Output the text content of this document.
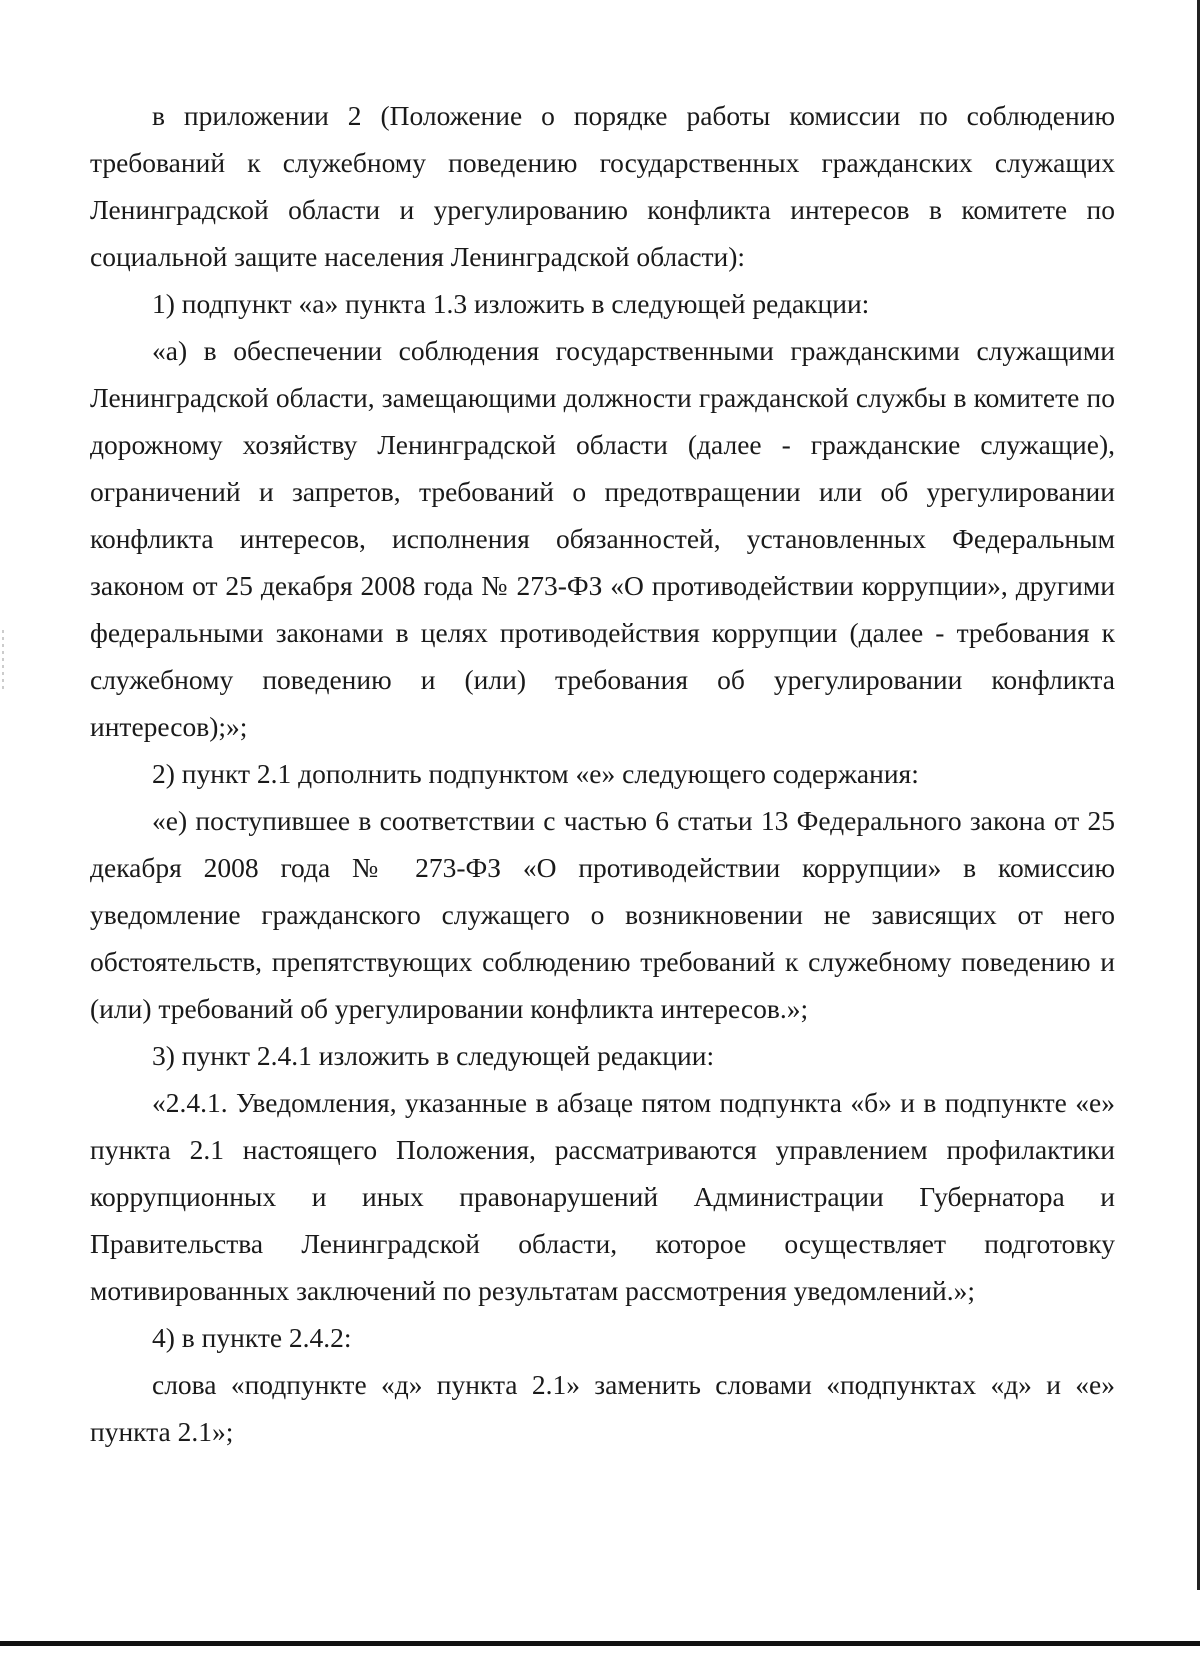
в приложении 2 (Положение о порядке работы комиссии по соблюдению требований к служебному поведению государственных гражданских служащих Ленинградской области и урегулированию конфликта интересов в комитете по социальной защите населения Ленинградской области):

1) подпункт «а» пункта 1.3 изложить в следующей редакции:

«а) в обеспечении соблюдения государственными гражданскими служащими Ленинградской области, замещающими должности гражданской службы в комитете по дорожному хозяйству Ленинградской области (далее - гражданские служащие), ограничений и запретов, требований о предотвращении или об урегулировании конфликта интересов, исполнения обязанностей, установленных Федеральным законом от 25 декабря 2008 года № 273-ФЗ «О противодействии коррупции», другими федеральными законами в целях противодействия коррупции (далее - требования к служебному поведению и (или) требования об урегулировании конфликта интересов);»;

2) пункт 2.1 дополнить подпунктом «е» следующего содержания:

«е) поступившее в соответствии с частью 6 статьи 13 Федерального закона от 25 декабря 2008 года № 273-ФЗ «О противодействии коррупции» в комиссию уведомление гражданского служащего о возникновении не зависящих от него обстоятельств, препятствующих соблюдению требований к служебному поведению и (или) требований об урегулировании конфликта интересов.»;

3) пункт 2.4.1 изложить в следующей редакции:

«2.4.1. Уведомления, указанные в абзаце пятом подпункта «б» и в подпункте «е» пункта 2.1 настоящего Положения, рассматриваются управлением профилактики коррупционных и иных правонарушений Администрации Губернатора и Правительства Ленинградской области, которое осуществляет подготовку мотивированных заключений по результатам рассмотрения уведомлений.»;

4) в пункте 2.4.2:

слова «подпункте «д» пункта 2.1» заменить словами «подпунктах «д» и «е» пункта 2.1»;
